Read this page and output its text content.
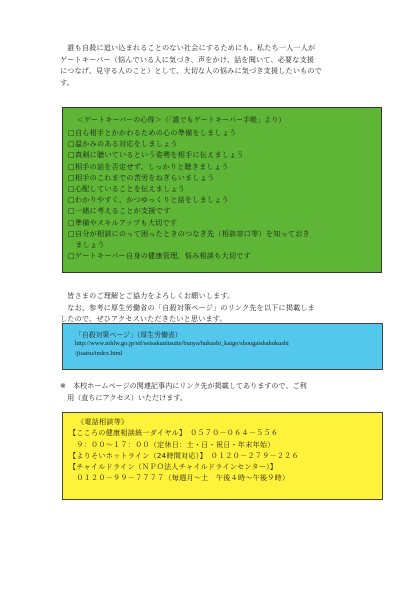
　誰も自殺に追い込まれることのない社会にするためにも、私たち一人一人が
ゲートキーパー（悩んでいる人に気づき、声をかけ、話を聞いて、必要な支援
につなげ、見守る人のこと）として、大切な人の悩みに気づき支援したいもので
す。
＜ゲートキーパーの心得＞（「誰でもゲートキーパー手帳」より）
□自ら相手とかかわるための心の準備をしましょう
□温かみのある対応をしましょう
□真剣に聴いているという姿勢を相手に伝えましょう
□相手の話を否定せず、しっかりと聴きましょう
□相手のこれまでの苦労をねぎらいましょう
□心配していることを伝えましょう
□わかりやすく、かつゆっくりと話をしましょう
□一緒に考えることが支援です
□準備やスキルアップも大切です
□自分が相談にのって困ったときのつなぎ先（相談窓口等）を知っておき
　ましょう
□ゲートキーパー自身の健康管理、悩み相談も大切です
　皆さまのご理解とご協力をよろしくお願いします。
　なお、参考に厚生労働省の「自殺対策ページ」のリンク先を以下に掲載しま
したので、ぜひアクセスいただきたいと思います。
「自殺対策ページ」（厚生労働省）
http://www.mhlw.go.jp/stf/seisakunitsuite/bunya/hukushi_kaigo/shougaishahukushi
/jisatsu/index.html
※　本校ホームページの関連記事内にリンク先が掲載してありますので、ご利
　用（直ちにアクセス）いただけます。
《電話相談等》
【こころの健康相談統一ダイヤル】　０５７０－０６４－５５６
　９：００～１７：００（定休日：土・日・祝日・年末年始）
【よりそいホットライン（24時間対応）】　０１２０－２７９－２２６
【チャイルドライン（ＮＰＯ法人チャイルドラインセンター）】
　０１２０－９９－７７７７（毎週月～土　午後４時～午後９時）
